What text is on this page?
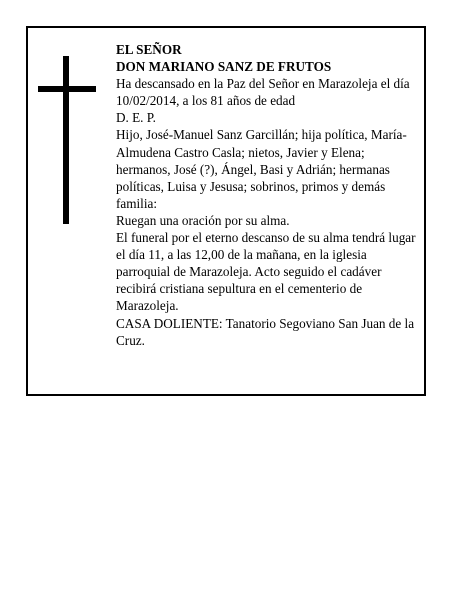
EL SEÑOR

DON MARIANO SANZ DE FRUTOS

Ha descansado en la Paz del Señor en Marazoleja el día 10/02/2014, a los 81 años de edad

D. E. P.

Hijo, José-Manuel Sanz Garcillán; hija política, María-Almudena Castro Casla; nietos, Javier y Elena; hermanos, José (?), Ángel, Basi y Adrián; hermanas políticas, Luisa y Jesusa; sobrinos, primos y demás familia:

Ruegan una oración por su alma.

El funeral por el eterno descanso de su alma tendrá lugar el día 11, a las 12,00 de la mañana, en la iglesia parroquial de Marazoleja. Acto seguido el cadáver recibirá cristiana sepultura en el cementerio de Marazoleja.

CASA DOLIENTE: Tanatorio Segoviano San Juan de la Cruz.
